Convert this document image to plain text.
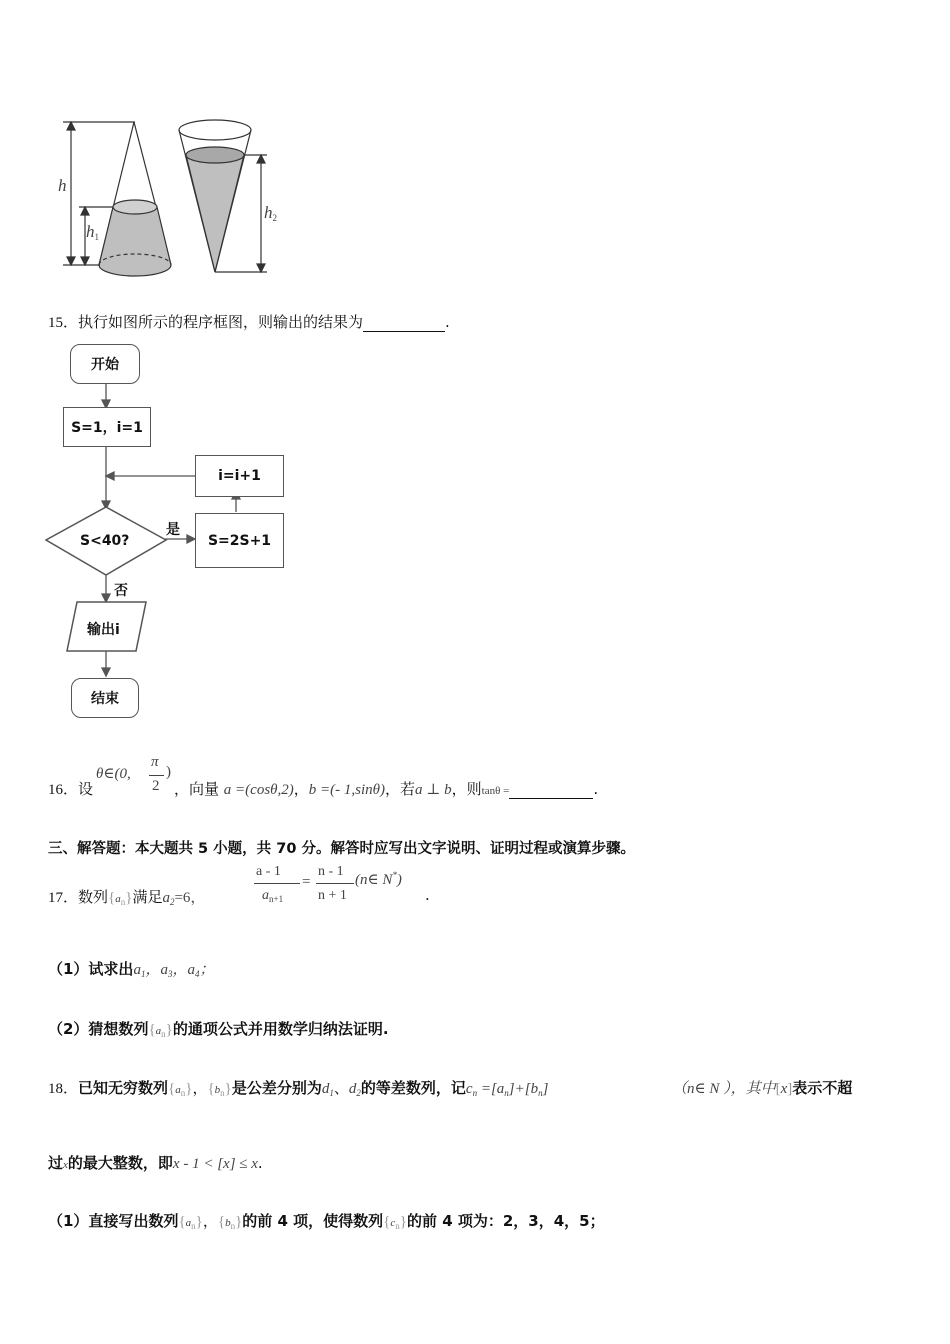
h
$h_1$
$h_2$
15．执行如图所示的程序框图，则输出的结果为	.
开始
S=1，i=1
i=i+1
S<40?
是
S=2S+1
否
输出i
结束
16．设
θ∈(0,
π
2
)
，向量 a =(cosθ,2)，b =(- 1,sinθ)，若a ⊥ b，则tanθ =	.
三、解答题：本大题共 5 小题，共 70 分。解答时应写出文字说明、证明过程或演算步骤。
17．数列$\{a_n\}$满足$a_2=6$，
a - 1
$a_{n+1}$
=
n - 1
n + 1
(n∈ N*)
.
（1）试求出$a_1$，$a_3$，$a_4$；
（2）猜想数列$\{a_n\}$的通项公式并用数学归纳法证明.
18．已知无穷数列$\{a_n\}$，$\{b_n\}$是公差分别为$d_1$、$d_2$的等差数列，记$c_n =[a_n]+[b_n]$	（n∈ N ），其中[x]表示不超
过x的最大整数，即x - 1 < [x] ≤ x.
（1）直接写出数列$\{a_n\}$，$\{b_n\}$的前 4 项，使得数列$\{c_n\}$的前 4 项为：2，3，4，5；
